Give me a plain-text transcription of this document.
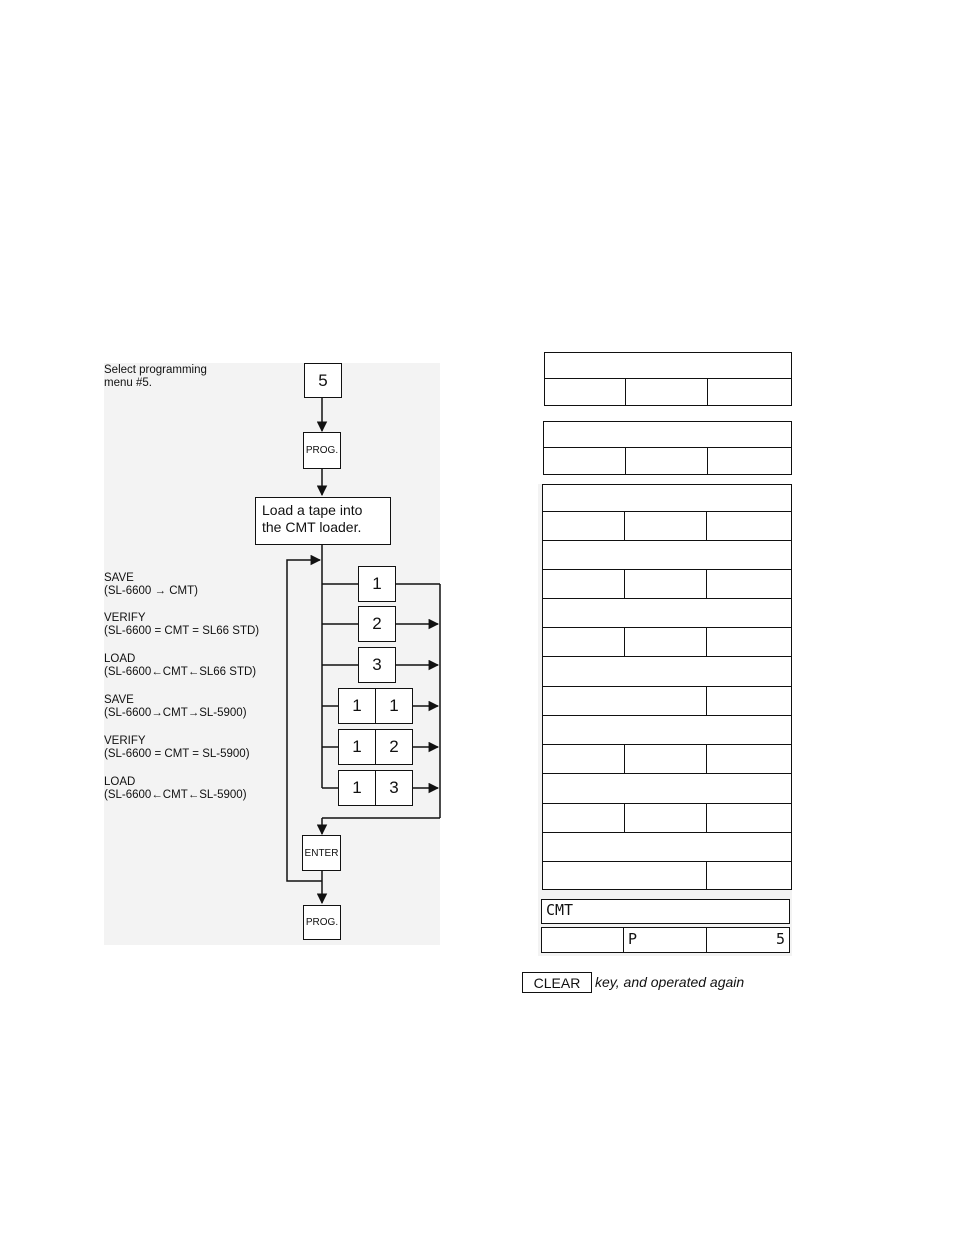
Select programming
menu #5.
SAVE
(SL-6600 → CMT)
VERIFY
(SL-6600 = CMT = SL66 STD)
LOAD
(SL-6600←CMT←SL66 STD)
SAVE
(SL-6600→CMT→SL-5900)
VERIFY
(SL-6600 = CMT = SL-5900)
LOAD
(SL-6600←CMT←SL-5900)
5
PROG.
Load a tape into
the CMT loader.
1
2
3
1	1
1	2
1	3
ENTER
PROG.
CMT
P	5
CLEAR	key, and operated again
